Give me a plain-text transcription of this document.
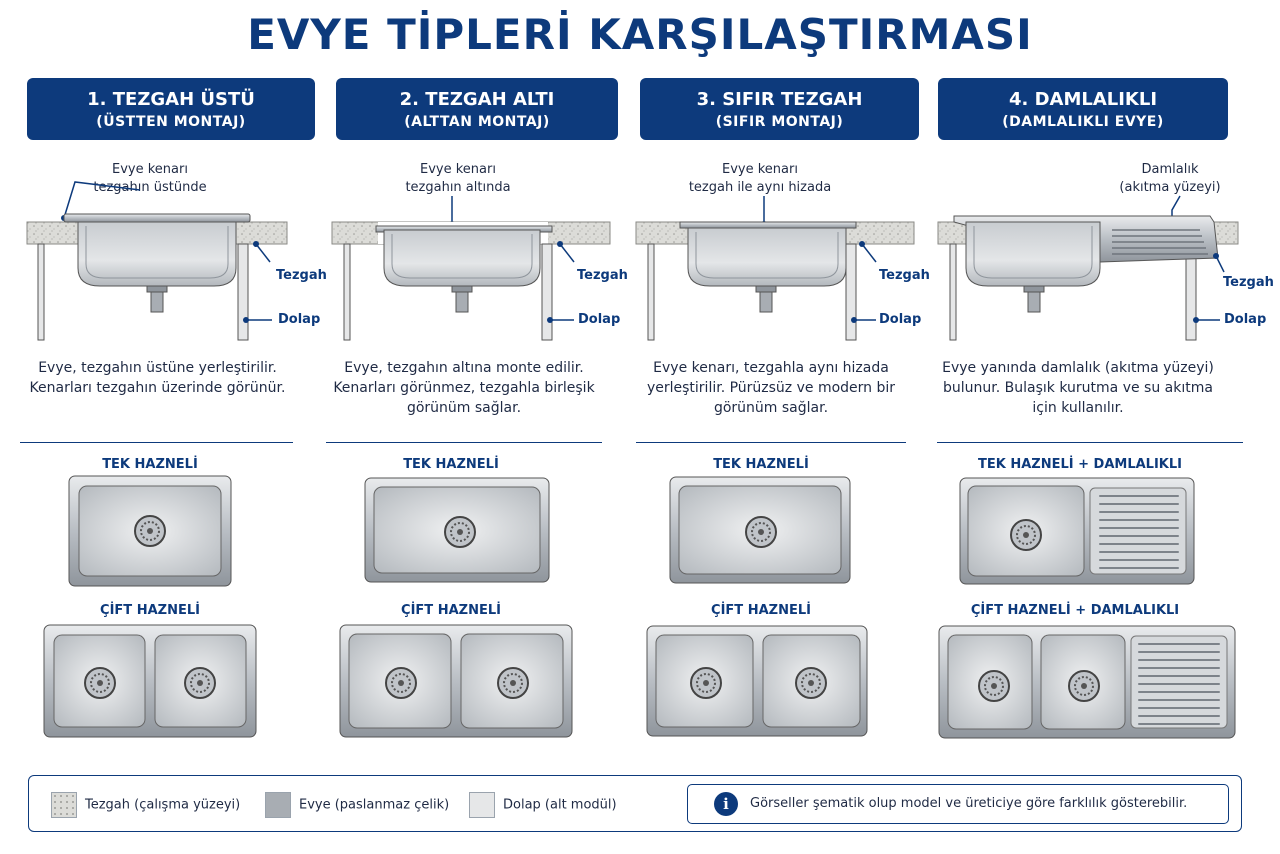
EVYE TİPLERİ KARŞILAŞTIRMASI
1. TEZGAH ÜSTÜ
(ÜSTTEN MONTAJ)
Evye kenarı
tezgahın üstünde
Tezgah
Dolap
Evye, tezgahın üstüne yerleştirilir.
Kenarları tezgahın üzerinde görünür.
TEK HAZNELİ
ÇİFT HAZNELİ
2. TEZGAH ALTI
(ALTTAN MONTAJ)
Evye kenarı
tezgahın altında
Tezgah
Dolap
Evye, tezgahın altına monte edilir.
Kenarları görünmez, tezgahla birleşik
görünüm sağlar.
TEK HAZNELİ
ÇİFT HAZNELİ
3. SIFIR TEZGAH
(SIFIR MONTAJ)
Evye kenarı
tezgah ile aynı hizada
Tezgah
Dolap
Evye kenarı, tezgahla aynı hizada
yerleştirilir. Pürüzsüz ve modern bir
görünüm sağlar.
TEK HAZNELİ
ÇİFT HAZNELİ
4. DAMLALIKLI
(DAMLALIKLI EVYE)
Damlalık
(akıtma yüzeyi)
Tezgah
Dolap
Evye yanında damlalık (akıtma yüzeyi)
bulunur. Bulaşık kurutma ve su akıtma
için kullanılır.
TEK HAZNELİ + DAMLALIKLI
ÇİFT HAZNELİ + DAMLALIKLI
Tezgah (çalışma yüzeyi)	Evye (paslanmaz çelik)	Dolap (alt modül)	i	Görseller şematik olup model ve üreticiye göre farklılık gösterebilir.
